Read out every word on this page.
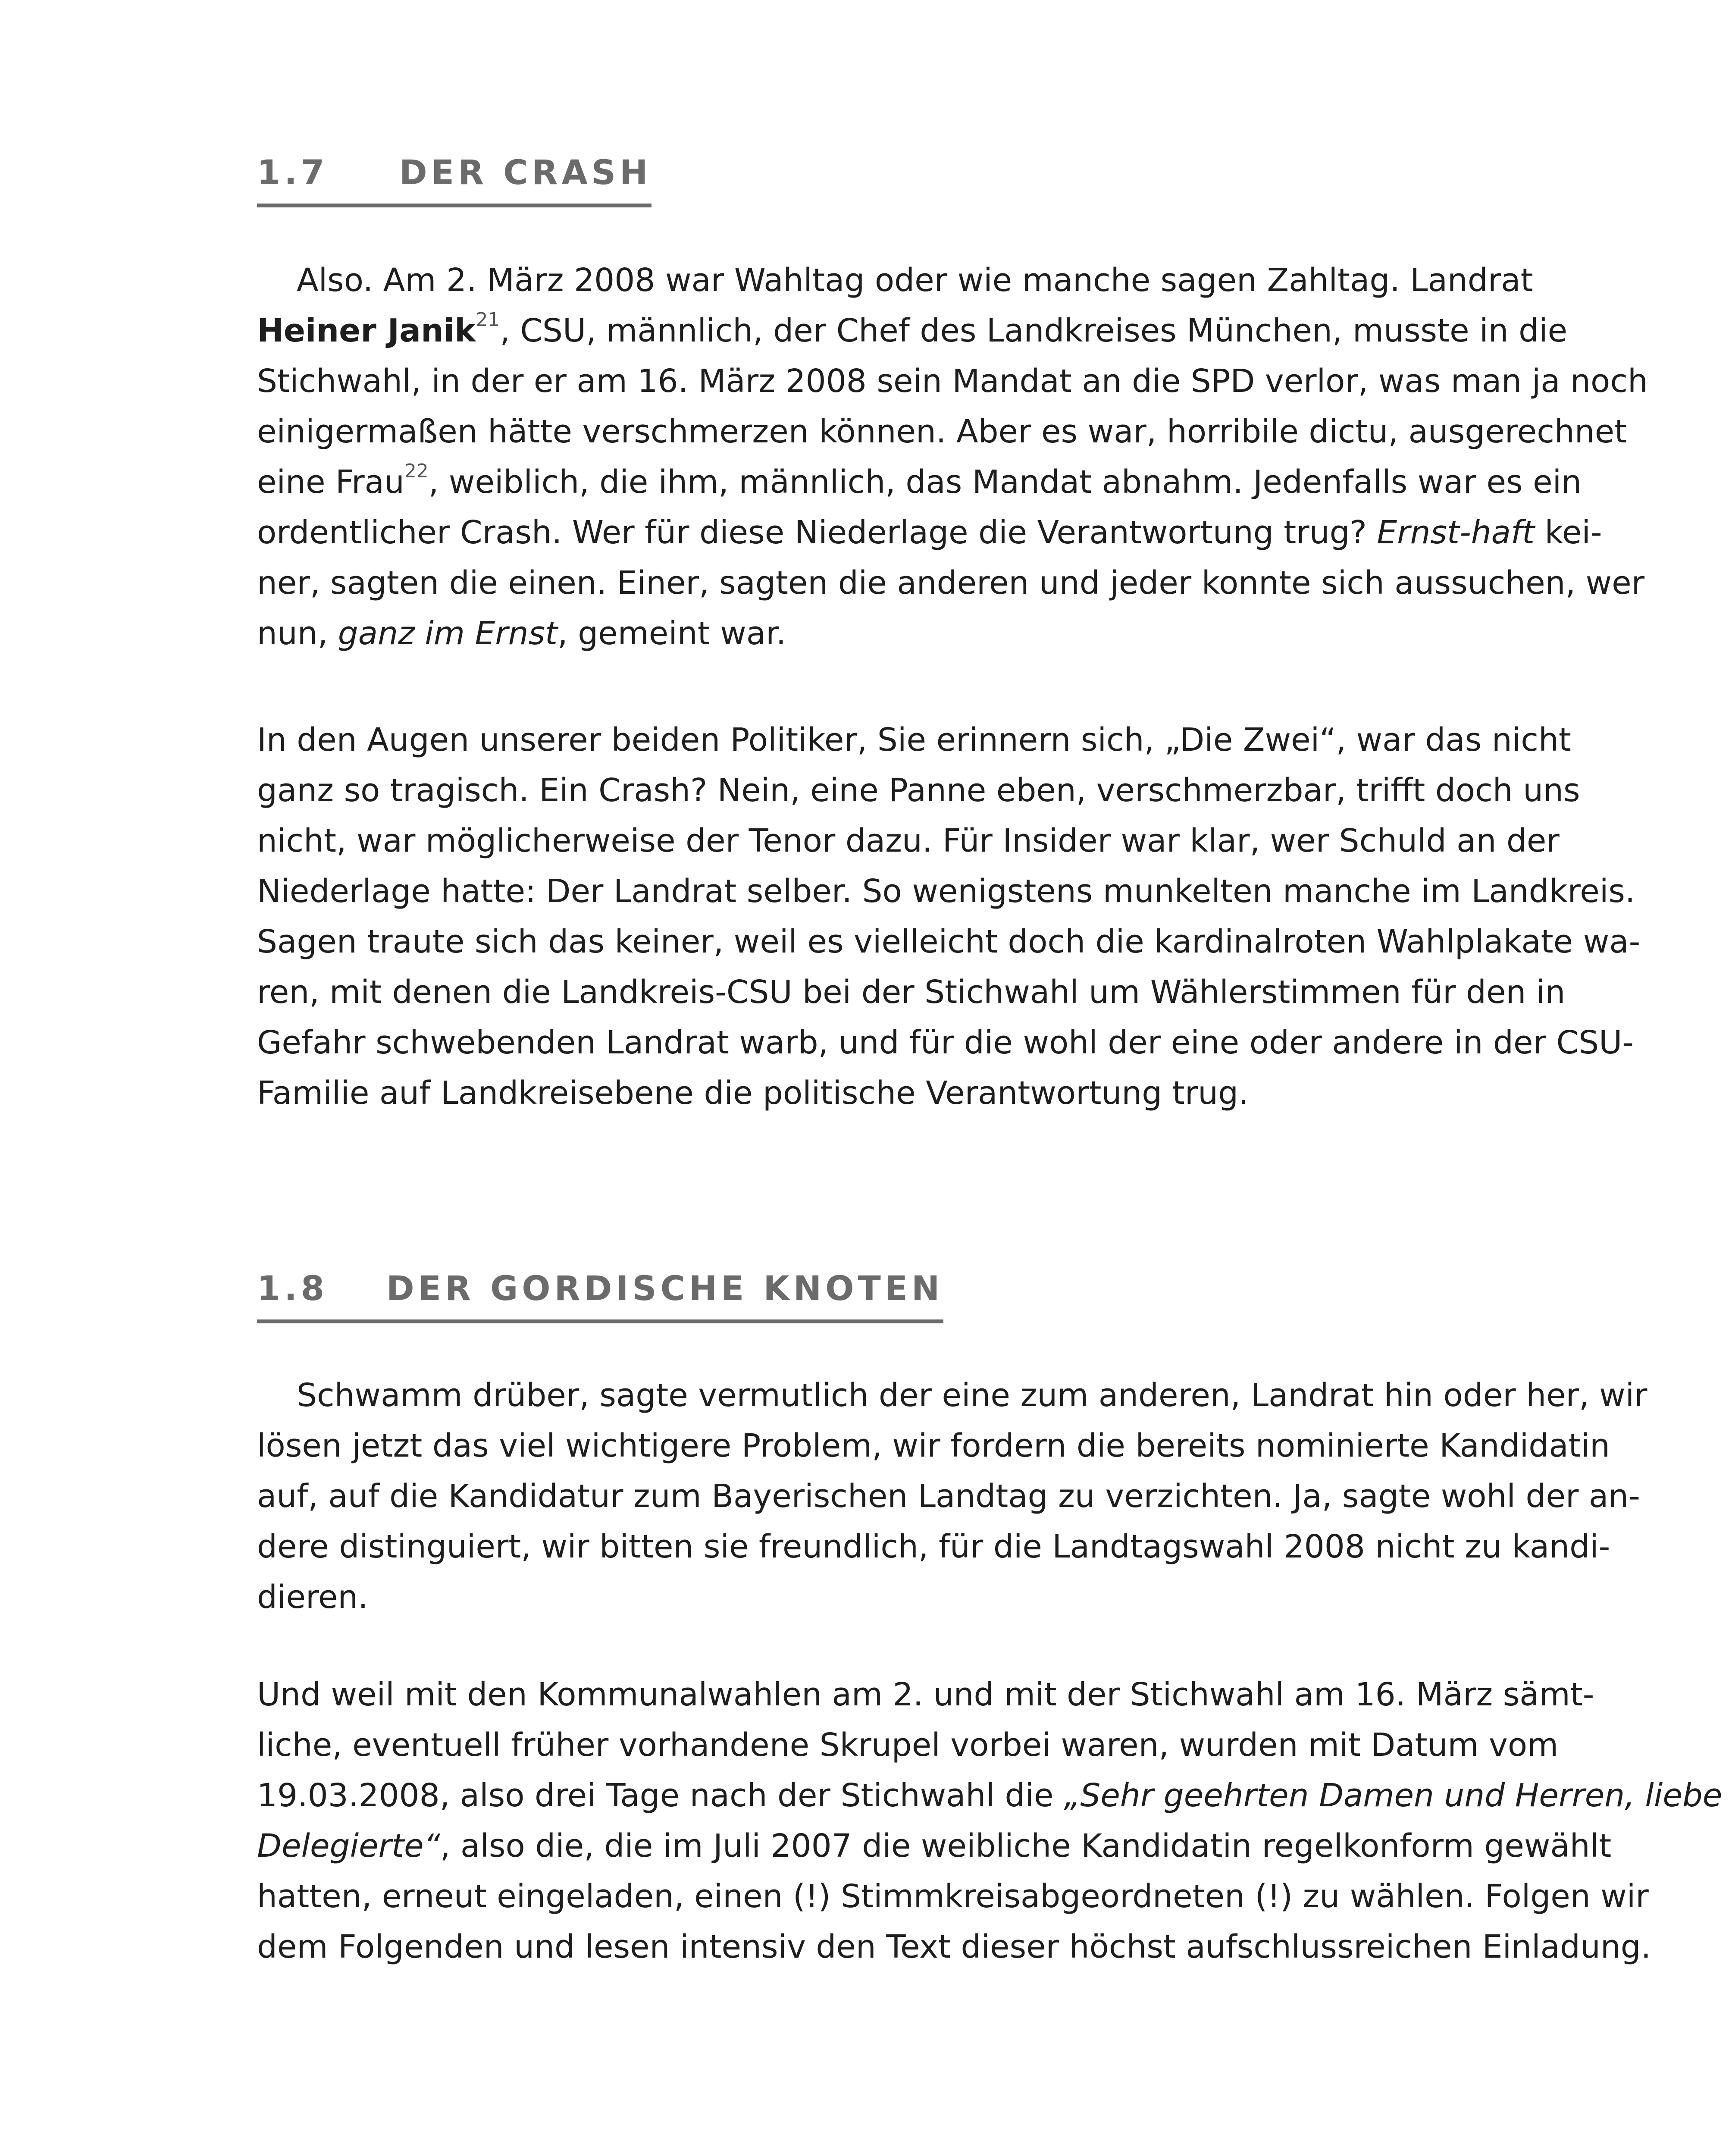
1.7 DER CRASH

Also. Am 2. März 2008 war Wahltag oder wie manche sagen Zahltag. Landrat

Heiner Janik$^{21}$, CSU, männlich, der Chef des Landkreises München, musste in die

Stichwahl, in der er am 16. März 2008 sein Mandat an die SPD verlor, was man ja noch

einigermaßen hätte verschmerzen können. Aber es war, horribile dictu, ausgerechnet

eine Frau$^{22}$, weiblich, die ihm, männlich, das Mandat abnahm. Jedenfalls war es ein

ordentlicher Crash. Wer für diese Niederlage die Verantwortung trug? Ernst-haft kei-

ner, sagten die einen. Einer, sagten die anderen und jeder konnte sich aussuchen, wer

nun, ganz im Ernst, gemeint war.

In den Augen unserer beiden Politiker, Sie erinnern sich, „Die Zwei“, war das nicht

ganz so tragisch. Ein Crash? Nein, eine Panne eben, verschmerzbar, trifft doch uns

nicht, war möglicherweise der Tenor dazu. Für Insider war klar, wer Schuld an der

Niederlage hatte: Der Landrat selber. So wenigstens munkelten manche im Landkreis.

Sagen traute sich das keiner, weil es vielleicht doch die kardinalroten Wahlplakate wa-

ren, mit denen die Landkreis-CSU bei der Stichwahl um Wählerstimmen für den in

Gefahr schwebenden Landrat warb, und für die wohl der eine oder andere in der CSU-

Familie auf Landkreisebene die politische Verantwortung trug.

1.8 DER GORDISCHE KNOTEN

Schwamm drüber, sagte vermutlich der eine zum anderen, Landrat hin oder her, wir

lösen jetzt das viel wichtigere Problem, wir fordern die bereits nominierte Kandidatin

auf, auf die Kandidatur zum Bayerischen Landtag zu verzichten. Ja, sagte wohl der an-

dere distinguiert, wir bitten sie freundlich, für die Landtagswahl 2008 nicht zu kandi-

dieren.

Und weil mit den Kommunalwahlen am 2. und mit der Stichwahl am 16. März sämt-

liche, eventuell früher vorhandene Skrupel vorbei waren, wurden mit Datum vom

19.03.2008, also drei Tage nach der Stichwahl die „Sehr geehrten Damen und Herren, liebe

Delegierte“, also die, die im Juli 2007 die weibliche Kandidatin regelkonform gewählt

hatten, erneut eingeladen, einen (!) Stimmkreisabgeordneten (!) zu wählen. Folgen wir

dem Folgenden und lesen intensiv den Text dieser höchst aufschlussreichen Einladung.
